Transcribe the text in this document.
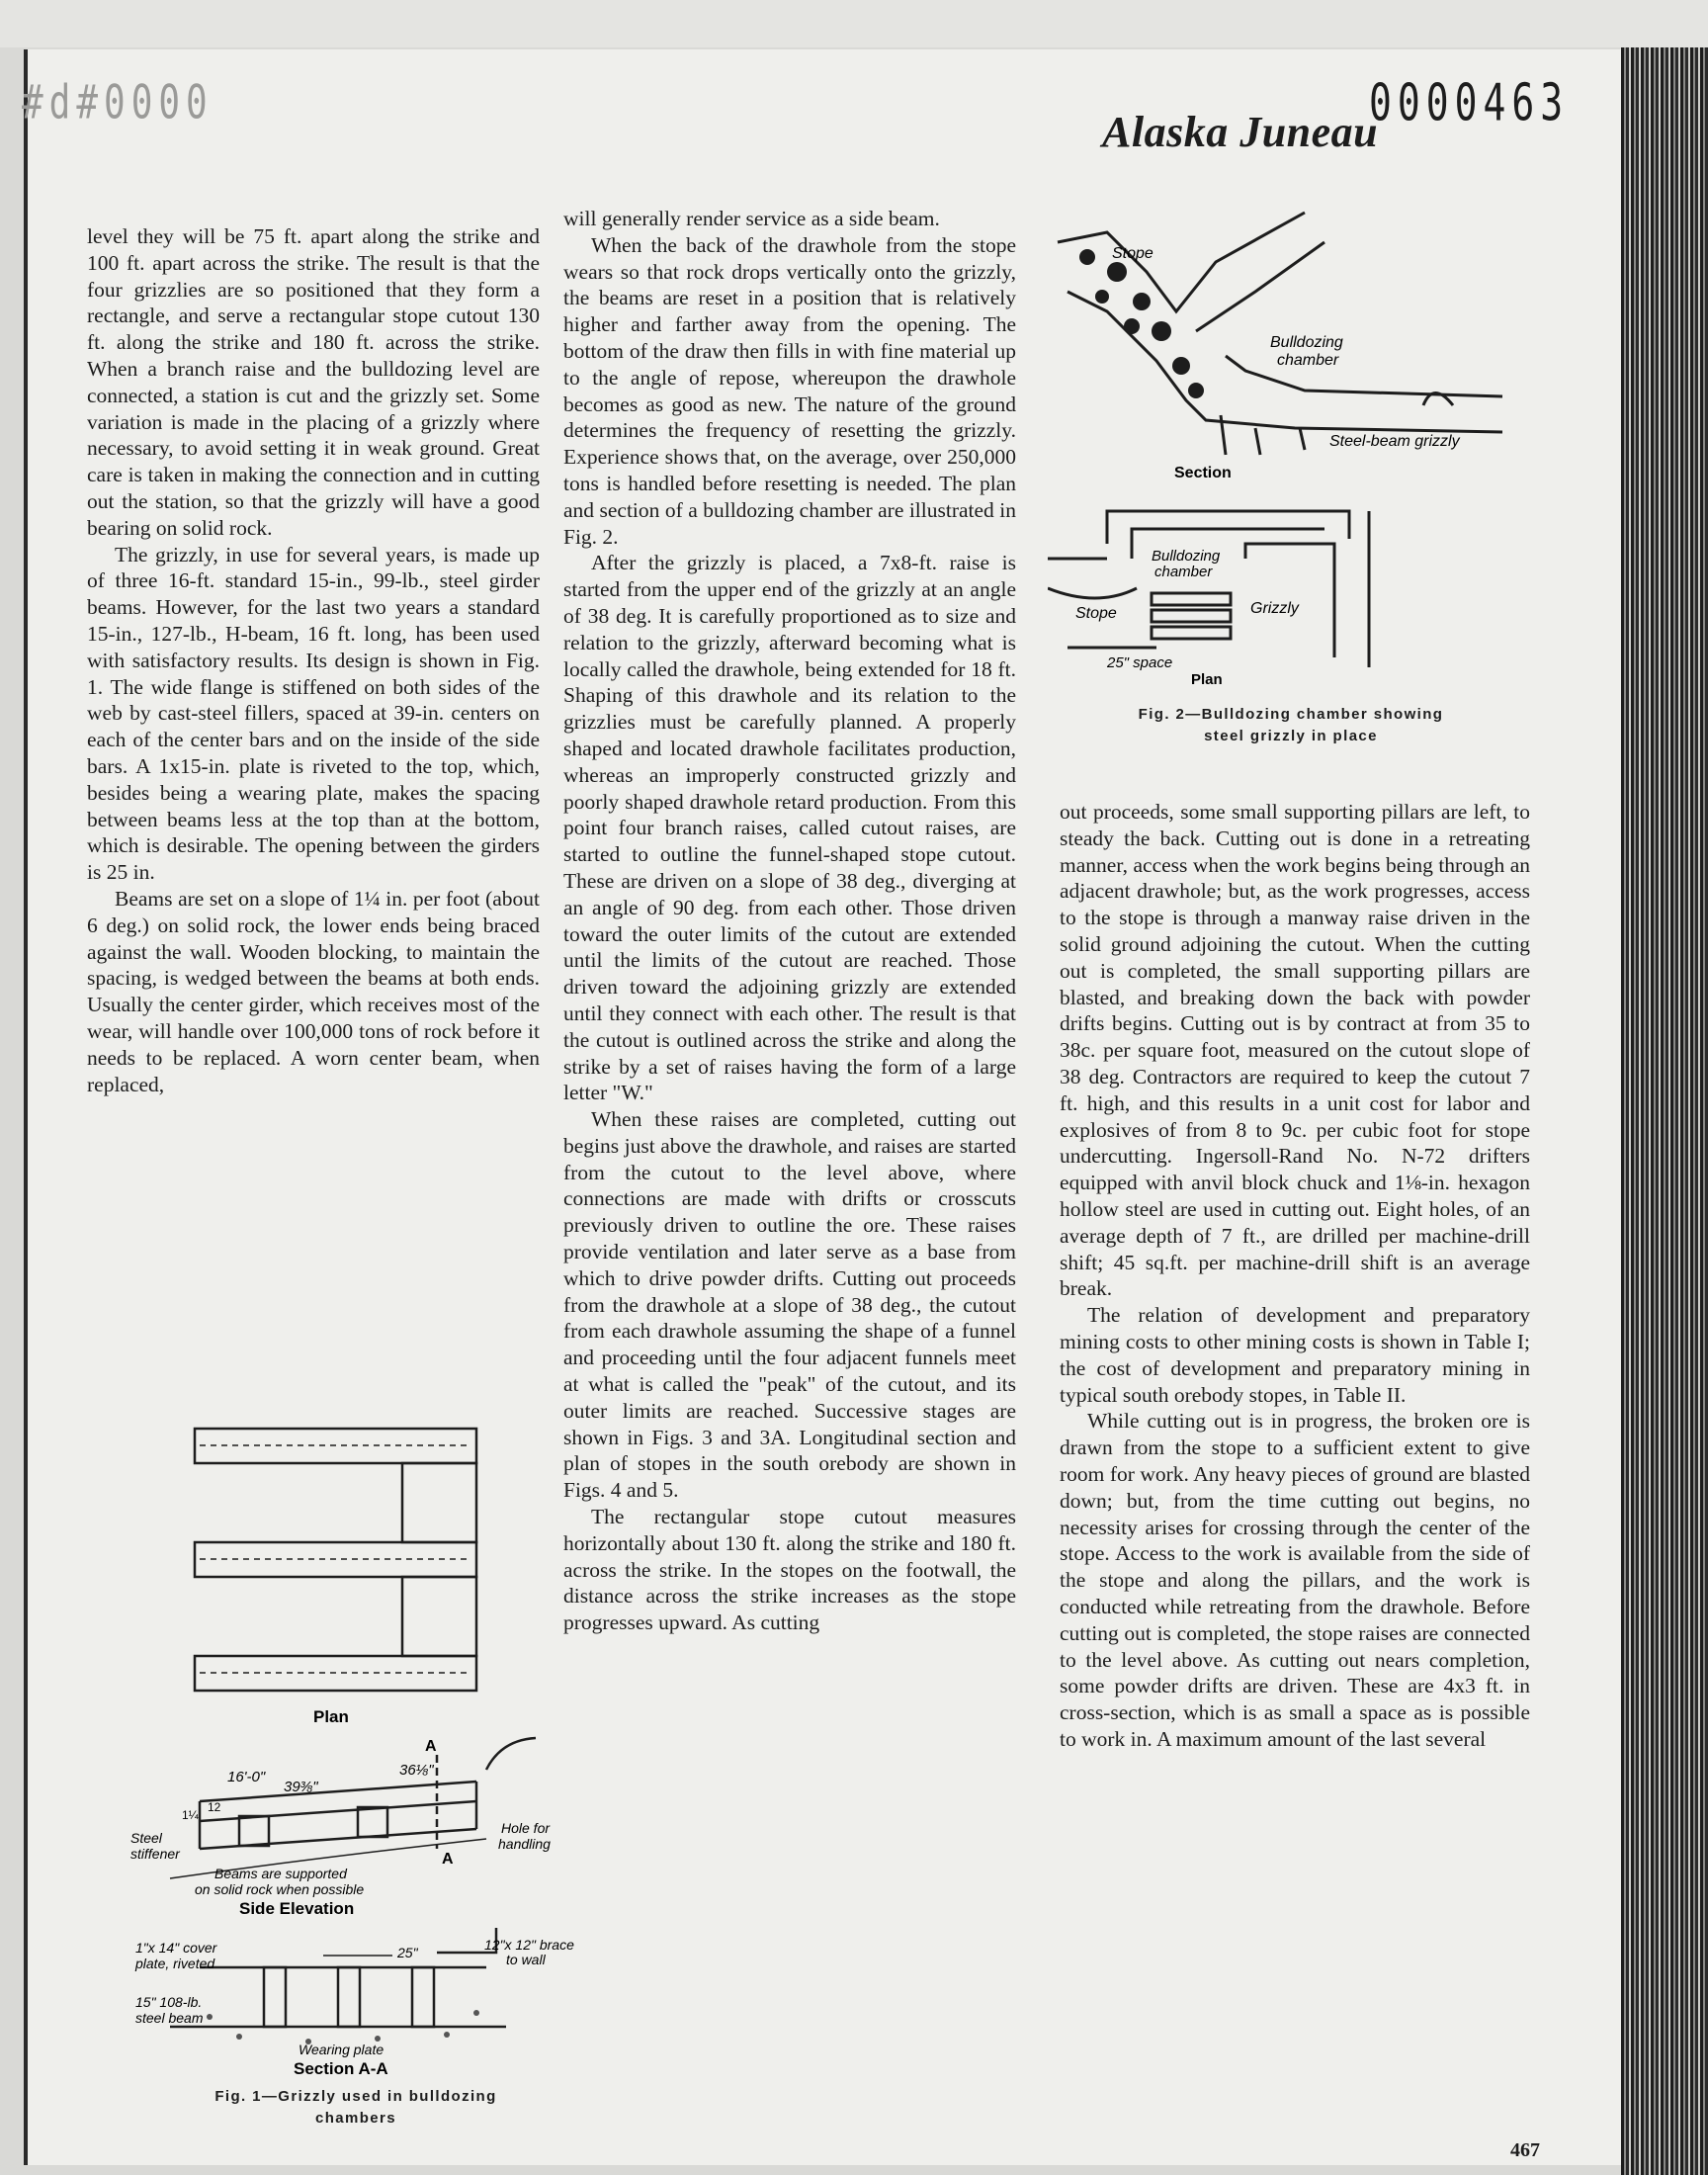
#d#0000
Alaska Juneau
0000463

level they will be 75 ft. apart along the strike and 100 ft. apart across the strike. The result is that the four grizzlies are so positioned that they form a rectangle, and serve a rectangular stope cutout 130 ft. along the strike and 180 ft. across the strike. When a branch raise and the bulldozing level are connected, a station is cut and the grizzly set. Some variation is made in the placing of a grizzly where necessary, to avoid setting it in weak ground. Great care is taken in making the connection and in cutting out the station, so that the grizzly will have a good bearing on solid rock.

The grizzly, in use for several years, is made up of three 16-ft. standard 15-in., 99-lb., steel girder beams. However, for the last two years a standard 15-in., 127-lb., H-beam, 16 ft. long, has been used with satisfactory results. Its design is shown in Fig. 1. The wide flange is stiffened on both sides of the web by cast-steel fillers, spaced at 39-in. centers on each of the center bars and on the inside of the side bars. A 1x15-in. plate is riveted to the top, which, besides being a wearing plate, makes the spacing between beams less at the top than at the bottom, which is desirable. The opening between the girders is 25 in.

Beams are set on a slope of 1¼ in. per foot (about 6 deg.) on solid rock, the lower ends being braced against the wall. Wooden blocking, to maintain the spacing, is wedged between the beams at both ends. Usually the center girder, which receives most of the wear, will handle over 100,000 tons of rock before it needs to be replaced. A worn center beam, when replaced,

will generally render service as a side beam.

When the back of the drawhole from the stope wears so that rock drops vertically onto the grizzly, the beams are reset in a position that is relatively higher and farther away from the opening. The bottom of the draw then fills in with fine material up to the angle of repose, whereupon the drawhole becomes as good as new. The nature of the ground determines the frequency of resetting the grizzly. Experience shows that, on the average, over 250,000 tons is handled before resetting is needed. The plan and section of a bulldozing chamber are illustrated in Fig. 2.

After the grizzly is placed, a 7x8-ft. raise is started from the upper end of the grizzly at an angle of 38 deg. It is carefully proportioned as to size and relation to the grizzly, afterward becoming what is locally called the drawhole, being extended for 18 ft. Shaping of this drawhole and its relation to the grizzlies must be carefully planned. A properly shaped and located drawhole facilitates production, whereas an improperly constructed grizzly and poorly shaped drawhole retard production. From this point four branch raises, called cutout raises, are started to outline the funnel-shaped stope cutout. These are driven on a slope of 38 deg., diverging at an angle of 90 deg. from each other. Those driven toward the outer limits of the cutout are extended until the limits of the cutout are reached. Those driven toward the adjoining grizzly are extended until they connect with each other. The result is that the cutout is outlined across the strike and along the strike by a set of raises having the form of a large letter "W."

When these raises are completed, cutting out begins just above the drawhole, and raises are started from the cutout to the level above, where connections are made with drifts or crosscuts previously driven to outline the ore. These raises provide ventilation and later serve as a base from which to drive powder drifts. Cutting out proceeds from the drawhole at a slope of 38 deg., the cutout from each drawhole assuming the shape of a funnel and proceeding until the four adjacent funnels meet at what is called the "peak" of the cutout, and its outer limits are reached. Successive stages are shown in Figs. 3 and 3A. Longitudinal section and plan of stopes in the south orebody are shown in Figs. 4 and 5.

The rectangular stope cutout measures horizontally about 130 ft. along the strike and 180 ft. across the strike. In the stopes on the footwall, the distance across the strike increases as the stope progresses upward. As cutting

out proceeds, some small supporting pillars are left, to steady the back. Cutting out is done in a retreating manner, access when the work begins being through an adjacent drawhole; but, as the work progresses, access to the stope is through a manway raise driven in the solid ground adjoining the cutout. When the cutting out is completed, the small supporting pillars are blasted, and breaking down the back with powder drifts begins. Cutting out is by contract at from 35 to 38c. per square foot, measured on the cutout slope of 38 deg. Contractors are required to keep the cutout 7 ft. high, and this results in a unit cost for labor and explosives of from 8 to 9c. per cubic foot for stope undercutting. Ingersoll-Rand No. N-72 drifters equipped with anvil block chuck and 1⅛-in. hexagon hollow steel are used in cutting out. Eight holes, of an average depth of 7 ft., are drilled per machine-drill shift; 45 sq.ft. per machine-drill shift is an average break.

The relation of development and preparatory mining costs to other mining costs is shown in Table I; the cost of development and preparatory mining in typical south orebody stopes, in Table II.

While cutting out is in progress, the broken ore is drawn from the stope to a sufficient extent to give room for work. Any heavy pieces of ground are blasted down; but, from the time cutting out begins, no necessity arises for crossing through the center of the stope. Access to the work is available from the side of the stope and along the pillars, and the work is conducted while retreating from the drawhole. Before cutting out is completed, the stope raises are connected to the level above. As cutting out nears completion, some powder drifts are driven. These are 4x3 ft. in cross-section, which is as small a space as is possible to work in. A maximum amount of the last several

Stope
Bulldozing
chamber
Steel-beam grizzly
Section
Bulldozing
chamber
Stope	Grizzly
25" space
Plan
Fig. 2—Bulldozing chamber showing
steel grizzly in place
Plan
A
A
16'-0"
39⅜"
36⅛"
1¼
12
Steel
stiffener
Hole for
handling
Beams are supported
on solid rock when possible
Side Elevation
1"x 14" cover
plate, riveted
25"	12"x 12" brace
to wall
15" 108-lb.
steel beam
Wearing plate
Section A-A
Fig. 1—Grizzly used in bulldozing
chambers
467
